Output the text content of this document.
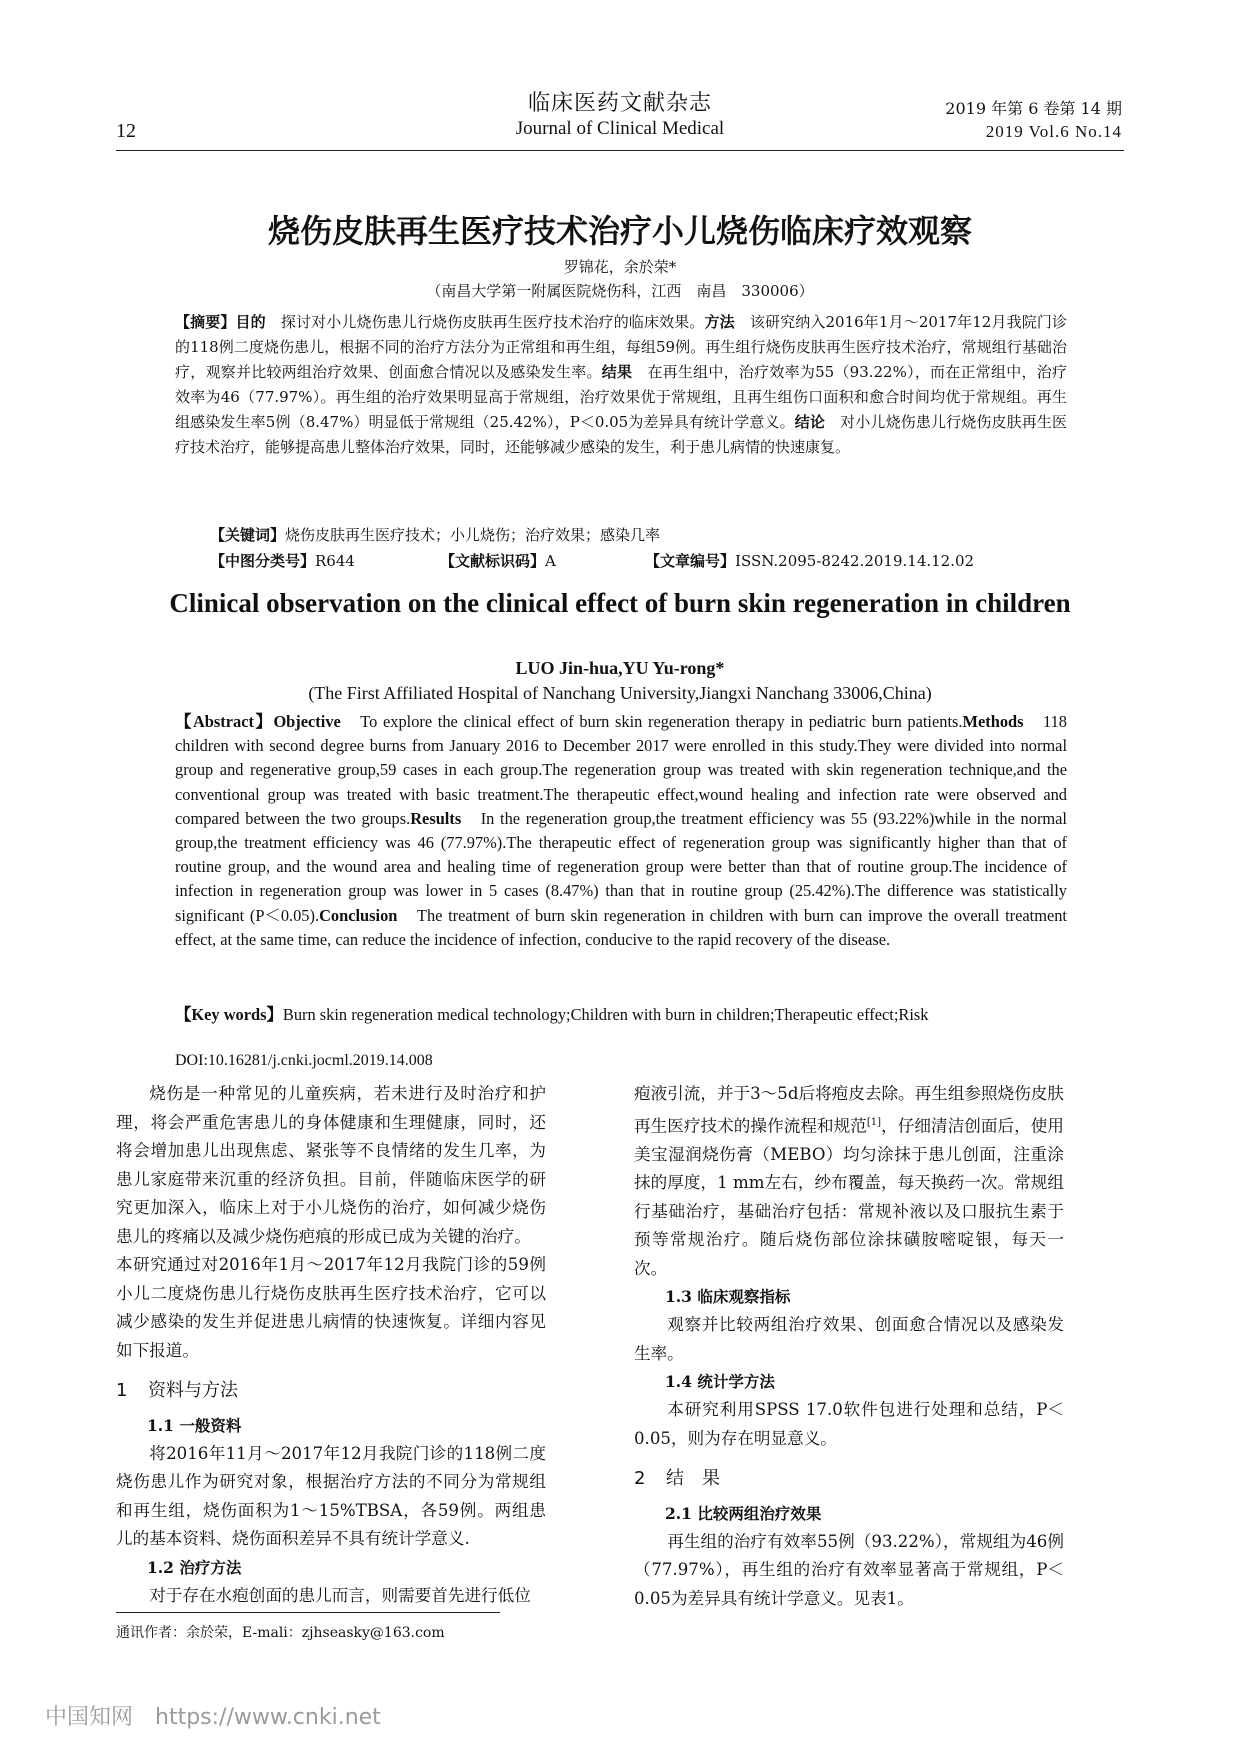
临床医药文献杂志
Journal of Clinical Medical
12
2019 年第 6 卷第 14 期
2019 Vol.6 No.14
烧伤皮肤再生医疗技术治疗小儿烧伤临床疗效观察
罗锦花，余於荣*
（南昌大学第一附属医院烧伤科，江西　南昌　330006）
【摘要】目的　探讨对小儿烧伤患儿行烧伤皮肤再生医疗技术治疗的临床效果。方法　该研究纳入2016年1月～2017年12月我院门诊的118例二度烧伤患儿，根据不同的治疗方法分为正常组和再生组，每组59例。再生组行烧伤皮肤再生医疗技术治疗，常规组行基础治疗，观察并比较两组治疗效果、创面愈合情况以及感染发生率。结果　在再生组中，治疗效率为55（93.22%），而在正常组中，治疗效率为46（77.97%）。再生组的治疗效果明显高于常规组，治疗效果优于常规组，且再生组伤口面积和愈合时间均优于常规组。再生组感染发生率5例（8.47%）明显低于常规组（25.42%），P＜0.05为差异具有统计学意义。结论　对小儿烧伤患儿行烧伤皮肤再生医疗技术治疗，能够提高患儿整体治疗效果，同时，还能够减少感染的发生，利于患儿病情的快速康复。
【关键词】烧伤皮肤再生医疗技术；小儿烧伤；治疗效果；感染几率
【中图分类号】R644	【文献标识码】A	【文章编号】ISSN.2095-8242.2019.14.12.02
Clinical observation on the clinical effect of burn skin regeneration in children
LUO Jin-hua,YU Yu-rong*
(The First Affiliated Hospital of Nanchang University,Jiangxi Nanchang 33006,China)
【Abstract】Objective　To explore the clinical effect of burn skin regeneration therapy in pediatric burn patients.Methods　118 children with second degree burns from January 2016 to December 2017 were enrolled in this study.They were divided into normal group and regenerative group,59 cases in each group.The regeneration group was treated with skin regeneration technique,and the conventional group was treated with basic treatment.The therapeutic effect,wound healing and infection rate were observed and compared between the two groups.Results　In the regeneration group,the treatment efficiency was 55 (93.22%)while in the normal group,the treatment efficiency was 46 (77.97%).The therapeutic effect of regeneration group was significantly higher than that of routine group, and the wound area and healing time of regeneration group were better than that of routine group.The incidence of infection in regeneration group was lower in 5 cases (8.47%) than that in routine group (25.42%).The difference was statistically significant (P＜0.05).Conclusion　The treatment of burn skin regeneration in children with burn can improve the overall treatment effect, at the same time, can reduce the incidence of infection, conducive to the rapid recovery of the disease.
【Key words】Burn skin regeneration medical technology;Children with burn in children;Therapeutic effect;Risk
DOI:10.16281/j.cnki.jocml.2019.14.008

烧伤是一种常见的儿童疾病，若未进行及时治疗和护理，将会严重危害患儿的身体健康和生理健康，同时，还将会增加患儿出现焦虑、紧张等不良情绪的发生几率，为患儿家庭带来沉重的经济负担。目前，伴随临床医学的研究更加深入，临床上对于小儿烧伤的治疗，如何减少烧伤患儿的疼痛以及减少烧伤疤痕的形成已成为关键的治疗。

本研究通过对2016年1月～2017年12月我院门诊的59例小儿二度烧伤患儿行烧伤皮肤再生医疗技术治疗，它可以减少感染的发生并促进患儿病情的快速恢复。详细内容见如下报道。

1 资料与方法
1.1 一般资料

将2016年11月～2017年12月我院门诊的118例二度烧伤患儿作为研究对象，根据治疗方法的不同分为常规组和再生组，烧伤面积为1～15%TBSA，各59例。两组患儿的基本资料、烧伤面积差异不具有统计学意义.

1.2 治疗方法

对于存在水疱创面的患儿而言，则需要首先进行低位

疱液引流，并于3～5d后将疱皮去除。再生组参照烧伤皮肤再生医疗技术的操作流程和规范[1]，仔细清洁创面后，使用美宝湿润烧伤膏（MEBO）均匀涂抹于患儿创面，注重涂抹的厚度，1 mm左右，纱布覆盖，每天换药一次。常规组行基础治疗，基础治疗包括：常规补液以及口服抗生素于预等常规治疗。随后烧伤部位涂抹磺胺嘧啶银，每天一次。

1.3 临床观察指标

观察并比较两组治疗效果、创面愈合情况以及感染发生率。

1.4 统计学方法

本研究利用SPSS 17.0软件包进行处理和总结，P＜0.05，则为存在明显意义。

2 结　果
2.1 比较两组治疗效果

再生组的治疗有效率55例（93.22%），常规组为46例（77.97%），再生组的治疗有效率显著高于常规组，P＜0.05为差异具有统计学意义。见表1。

通讯作者：余於荣，E-mali：zjhseasky@163.com
中国知网　https://www.cnki.net
